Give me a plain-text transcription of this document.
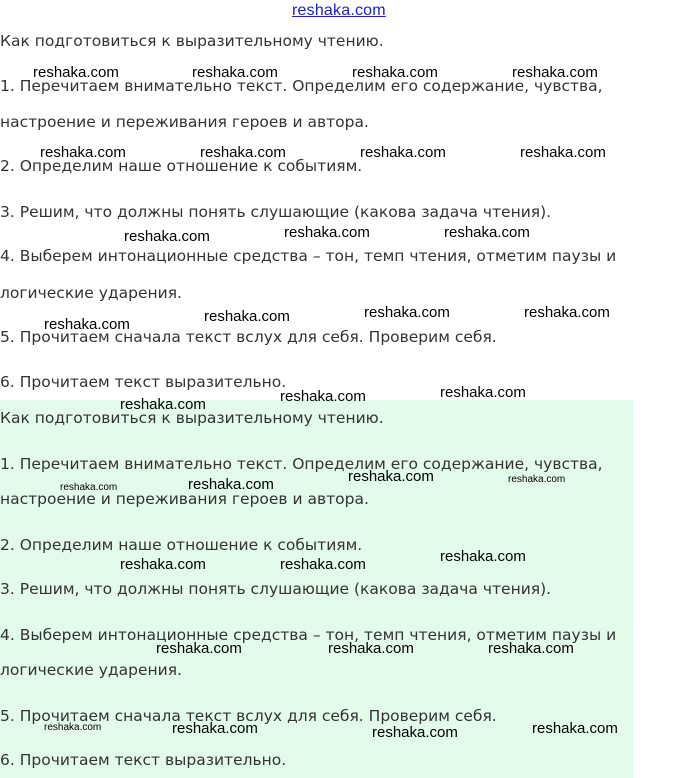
reshaka.com
Как подготовиться к выразительному чтению.
1. Перечитаем внимательно текст. Определим его содержание, чувства,
настроение и переживания героев и автора.
2. Определим наше отношение к событиям.
3. Решим, что должны понять слушающие (какова задача чтения).
4. Выберем интонационные средства – тон, темп чтения, отметим паузы и
логические ударения.
5. Прочитаем сначала текст вслух для себя. Проверим себя.
6. Прочитаем текст выразительно.
Как подготовиться к выразительному чтению.
1. Перечитаем внимательно текст. Определим его содержание, чувства,
настроение и переживания героев и автора.
2. Определим наше отношение к событиям.
3. Решим, что должны понять слушающие (какова задача чтения).
4. Выберем интонационные средства – тон, темп чтения, отметим паузы и
логические ударения.
5. Прочитаем сначала текст вслух для себя. Проверим себя.
6. Прочитаем текст выразительно.
reshaka.com	reshaka.com	reshaka.com	reshaka.com
reshaka.com	reshaka.com	reshaka.com	reshaka.com
reshaka.com	reshaka.com	reshaka.com
reshaka.com	reshaka.com	reshaka.com	reshaka.com
reshaka.com	reshaka.com	reshaka.com
reshaka.com	reshaka.com	reshaka.com	reshaka.com
reshaka.com	reshaka.com	reshaka.com
reshaka.com	reshaka.com	reshaka.com
reshaka.com	reshaka.com	reshaka.com	reshaka.com
